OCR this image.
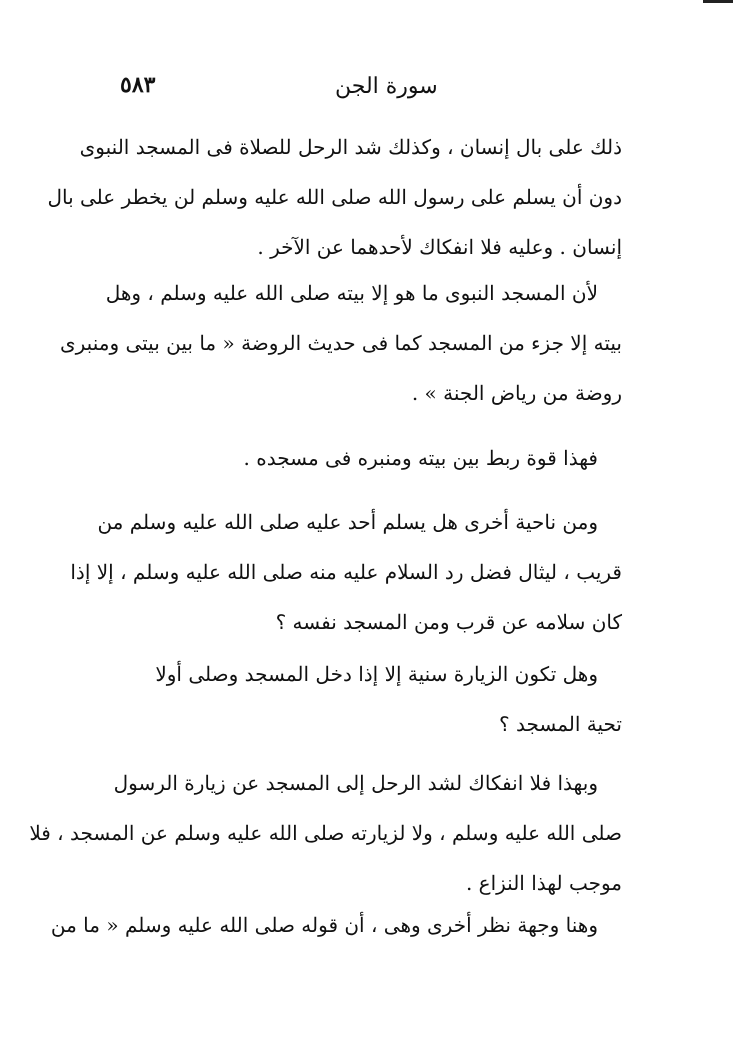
٥٨٣	سورة الجن
ذلك على بال إنسان ، وكذلك شد الرحل للصلاة فى المسجد النبوى
دون أن يسلم على رسول الله صلى الله عليه وسلم لن يخطر على بال
إنسان . وعليه فلا انفكاك لأحدهما عن الآخر .
لأن المسجد النبوى ما هو إلا بيته صلى الله عليه وسلم ، وهل
بيته إلا جزء من المسجد كما فى حديث الروضة « ما بين بيتى ومنبرى
روضة من رياض الجنة » .
فهذا قوة ربط بين بيته ومنبره فى مسجده .
ومن ناحية أخرى هل يسلم أحد عليه صلى الله عليه وسلم من
قريب ، ليثال فضل رد السلام عليه منه صلى الله عليه وسلم ، إلا إذا
كان سلامه عن قرب ومن المسجد نفسه ؟
وهل تكون الزيارة سنية إلا إذا دخل المسجد وصلى أولا
تحية المسجد ؟
وبهذا فلا انفكاك لشد الرحل إلى المسجد عن زيارة الرسول
صلى الله عليه وسلم ، ولا لزيارته صلى الله عليه وسلم عن المسجد ، فلا
موجب لهذا النزاع .
وهنا وجهة نظر أخرى وهى ، أن قوله صلى الله عليه وسلم « ما من
